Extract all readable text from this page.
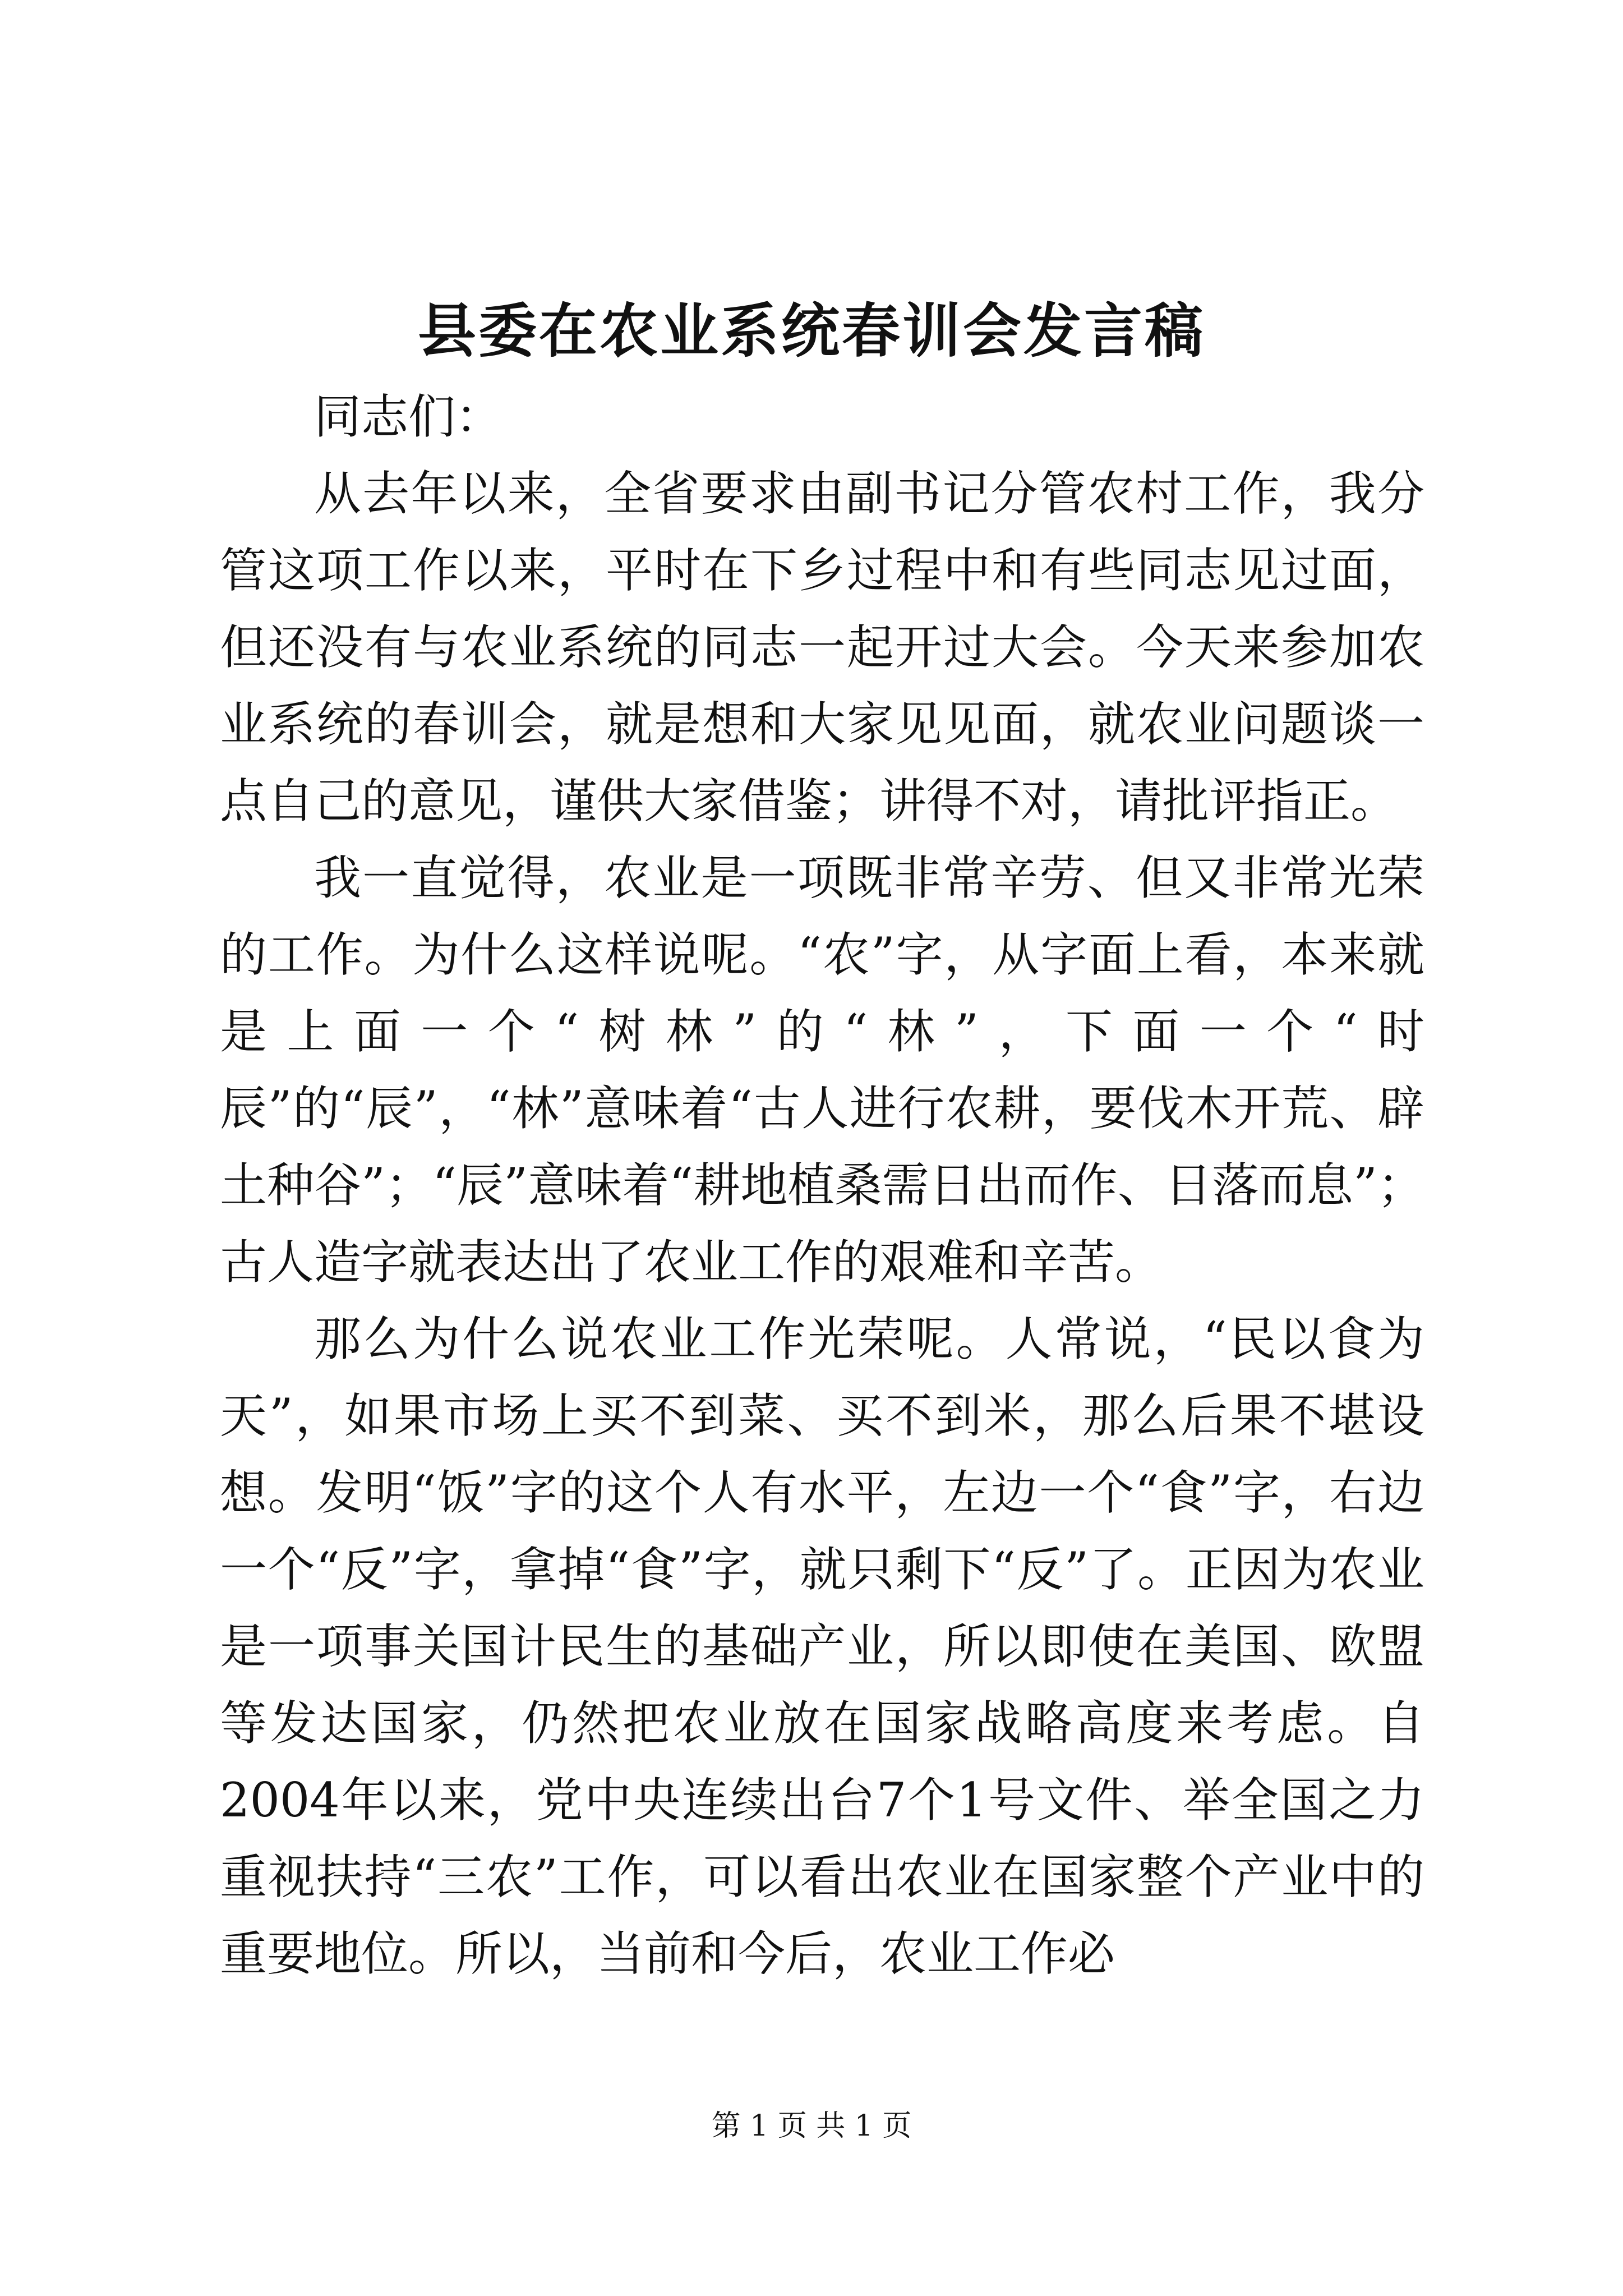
县委在农业系统春训会发言稿

同志们：

从去年以来，全省要求由副书记分管农村工作，我分管这项工作以来，平时在下乡过程中和有些同志见过面，但还没有与农业系统的同志一起开过大会。今天来参加农业系统的春训会，就是想和大家见见面，就农业问题谈一点自己的意见，谨供大家借鉴；讲得不对，请批评指正。

我一直觉得，农业是一项既非常辛劳、但又非常光荣的工作。为什么这样说呢。“农”字，从字面上看，本来就是上面一个“树林”的“林”，下面一个“时辰”的“辰”，“林”意味着“古人进行农耕，要伐木开荒、辟土种谷”；“辰”意味着“耕地植桑需日出而作、日落而息”；古人造字就表达出了农业工作的艰难和辛苦。

那么为什么说农业工作光荣呢。人常说，“民以食为天”，如果市场上买不到菜、买不到米，那么后果不堪设想。发明“饭”字的这个人有水平，左边一个“食”字，右边一个“反”字，拿掉“食”字，就只剩下“反”了。正因为农业是一项事关国计民生的基础产业，所以即使在美国、欧盟等发达国家，仍然把农业放在国家战略高度来考虑。自2004年以来，党中央连续出台7个1号文件、举全国之力重视扶持“三农”工作，可以看出农业在国家整个产业中的重要地位。所以，当前和今后，农业工作必

第 1 页 共 1 页
